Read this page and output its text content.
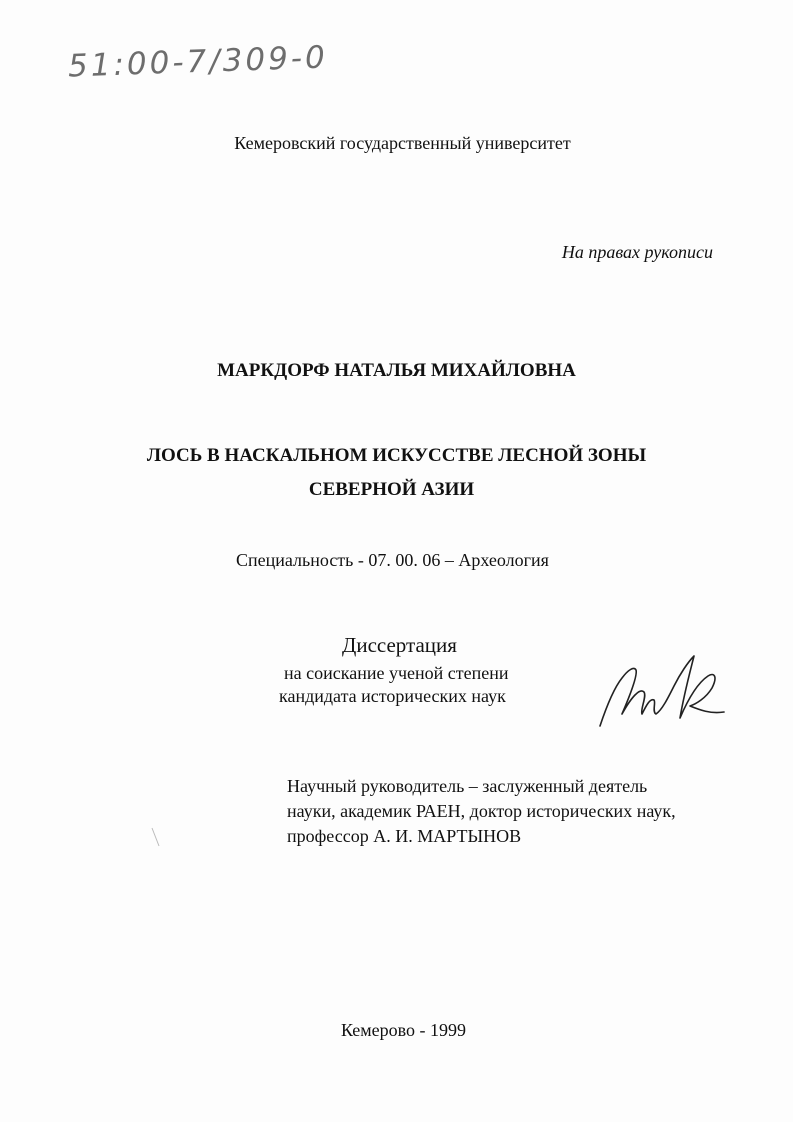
51:00-7/309-0
Кемеровский государственный университет
На правах рукописи
МАРКДОРФ НАТАЛЬЯ МИХАЙЛОВНА
ЛОСЬ В НАСКАЛЬНОМ ИСКУССТВЕ ЛЕСНОЙ ЗОНЫ
СЕВЕРНОЙ АЗИИ
Специальность - 07. 00. 06 – Археология
Диссертация
на соискание ученой степени
кандидата исторических наук
Научный руководитель – заслуженный деятель
науки, академик РАЕН, доктор исторических наук,
профессор А. И. МАРТЫНОВ
Кемерово - 1999
